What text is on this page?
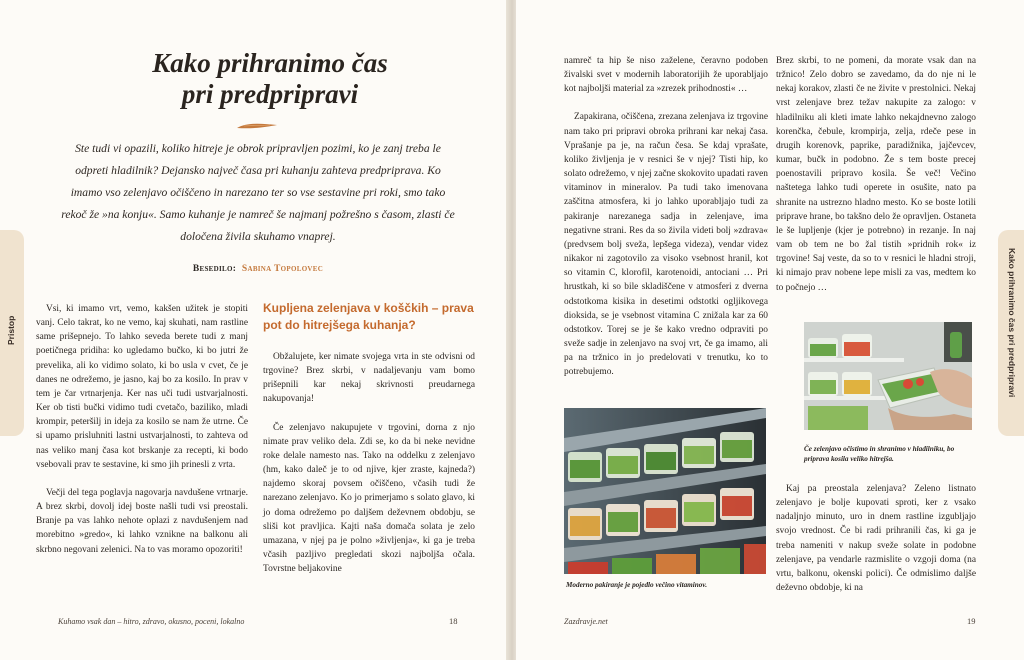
Pristop
Kako prihranimo čas
pri predpripravi

Ste tudi vi opazili, koliko hitreje je obrok pripravljen pozimi, ko je zanj treba le odpreti hladilnik? Dejansko največ časa pri kuhanju zahteva predpriprava. Ko imamo vso zelenjavo očiščeno in narezano ter so vse sestavine pri roki, smo tako rekoč že »na konju«. Samo kuhanje je namreč še najmanj požrešno s časom, zlasti če določena živila skuhamo vnaprej.

Besedilo: Sabina Topolovec

Vsi, ki imamo vrt, vemo, kakšen užitek je stopiti vanj. Celo takrat, ko ne vemo, kaj skuhati, nam rastline same prišepnejo. To lahko seveda berete tudi z manj poetičnega pridiha: ko ugledamo bučko, ki bo jutri že prevelika, ali ko vidimo solato, ki bo usla v cvet, če je danes ne odrežemo, je jasno, kaj bo za kosilo. In prav v tem je čar vrtnarjenja. Ker nas uči tudi ustvarjalnosti. Ker ob tisti bučki vidimo tudi cvetačo, baziliko, mladi krompir, peteršilj in ideja za kosilo se nam že utrne. Če si upamo prisluhniti lastni ustvarjalnosti, to zahteva od nas veliko manj časa kot brskanje za recepti, ki bodo vsebovali prav te sestavine, ki smo jih prinesli z vrta.

Večji del tega poglavja nagovarja navdušene vrtnarje. A brez skrbi, dovolj idej boste našli tudi vsi preostali. Branje pa vas lahko nehote oplazi z navdušenjem nad morebitno »gredo«, ki lahko vznikne na balkonu ali skrbno negovani zelenici. Na to vas moramo opozoriti!

Kupljena zelenjava v koščkih – prava pot do hitrejšega kuhanja?

Obžalujete, ker nimate svojega vrta in ste odvisni od trgovine? Brez skrbi, v nadaljevanju vam bomo prišepnili kar nekaj skrivnosti preudarnega nakupovanja!

Če zelenjavo nakupujete v trgovini, dorna z njo nimate prav veliko dela. Zdi se, ko da bi neke nevidne roke delale namesto nas. Tako na oddelku z zelenjavo (hm, kako daleč je to od njive, kjer zraste, kajneda?) najdemo skoraj povsem očiščeno, včasih tudi že narezano zelenjavo. Ko jo primerjamo s solato glavo, ki jo doma odrežemo po daljšem deževnem obdobju, se sliši kot pravljica. Kajti naša domača solata je zelo umazana, v njej pa je polno »življenja«, ki ga je treba včasih pazljivo pregledati skozi najboljša očala. Tovrstne beljakovine

Kuhamo vsak dan – hitro, zdravo, okusno, poceni, lokalno	18
Kako prihranimo čas pri predpripravi

namreč ta hip še niso zaželene, čeravno podoben živalski svet v modernih laboratorijih že uporabljajo kot najboljši material za »zrezek prihodnosti« …

Zapakirana, očiščena, zrezana zelenjava iz trgovine nam tako pri pripravi obroka prihrani kar nekaj časa. Vprašanje pa je, na račun česa. Se kdaj vprašate, koliko življenja je v resnici še v njej? Tisti hip, ko solato odrežemo, v njej začne skokovito upadati raven vitaminov in mineralov. Pa tudi tako imenovana zaščitna atmosfera, ki jo lahko uporabljajo tudi za pakiranje narezanega sadja in zelenjave, ima negativne strani. Res da so živila videti bolj »zdrava« (predvsem bolj sveža, lepšega videza), vendar videz nikakor ni zagotovilo za visoko vsebnost hranil, kot so vitamin C, klorofil, karotenoidi, antociani … Pri hrustkah, ki so bile skladiščene v atmosferi z dverna odstotkoma kisika in desetimi odstotki ogljikovega dioksida, se je vsebnost vitamina C znižala kar za 60 odstotkov. Torej se je še kako vredno odpraviti po sveže sadje in zelenjavo na svoj vrt, če ga imamo, ali pa na tržnico in jo predelovati v trenutku, ko to potrebujemo.

Brez skrbi, to ne pomeni, da morate vsak dan na tržnico! Zelo dobro se zavedamo, da do nje ni le nekaj korakov, zlasti če ne živite v prestolnici. Nekaj vrst zelenjave brez težav nakupite za zalogo: v hladilniku ali kleti imate lahko nekajdnevno zalogo korenčka, čebule, krompirja, zelja, rdeče pese in drugih korenovk, paprike, paradižnika, jajčevcev, kumar, bučk in podobno. Že s tem boste precej poenostavili pripravo kosila. Še več! Večino naštetega lahko tudi operete in osušite, nato pa shranite na ustrezno hladno mesto. Ko se boste lotili priprave hrane, bo takšno delo že opravljen. Ostaneta le še lupljenje (kjer je potrebno) in rezanje. In naj vam ob tem ne bo žal tistih »pridnih rok« iz trgovine! Saj veste, da so to v resnici le hladni stroji, ki nimajo prav nobene lepe misli za vas, medtem ko to počnejo …

Moderno pakiranje je pojedlo večino vitaminov.
Če zelenjavo očistimo in shranimo v hladilniku, bo priprava kosila veliko hitrejša.

Kaj pa preostala zelenjava? Zeleno listnato zelenjavo je bolje kupovati sproti, ker z vsako nadaljnjo minuto, uro in dnem rastline izgubljajo svojo vrednost. Če bi radi prihranili čas, ki ga je treba nameniti v nakup sveže solate in podobne zelenjave, pa vendarle razmislite o vzgoji doma (na vrtu, balkonu, okenski polici). Če odmislimo daljše deževno obdobje, ki na

Zazdravje.net	19
